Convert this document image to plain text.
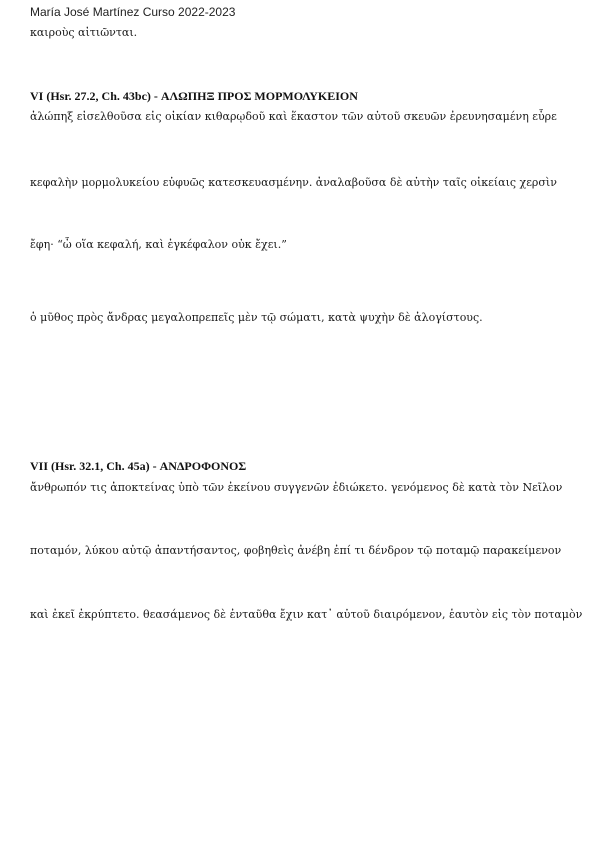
María José Martínez Curso 2022-2023
καιροὺς αἰτιῶνται.
VI (Hsr. 27.2, Ch. 43bc) - ΑΛΩΠΗΞ ΠΡΟΣ ΜΟΡΜΟΛΥΚΕΙΟΝ
ἀλώπηξ εἰσελθοῦσα εἰς οἰκίαν κιθαρῳδοῦ καὶ ἕκαστον τῶν αὐτοῦ σκευῶν ἐρευνησαμένη εὗρε
κεφαλὴν μορμολυκείου εὐφυῶς κατεσκευασμένην. ἀναλαβοῦσα δὲ αὐτὴν ταῖς οἰκείαις χερσὶν
ἔφη· “ὦ οἵα κεφαλή, καὶ ἐγκέφαλον οὐκ ἔχει.”
ὁ μῦθος πρὸς ἄνδρας μεγαλοπρεπεῖς μὲν τῷ σώματι, κατὰ ψυχὴν δὲ ἀλογίστους.
VII (Hsr. 32.1, Ch. 45a) - ΑΝΔΡΟΦΟΝΟΣ
ἄνθρωπόν τις ἀποκτείνας ὑπὸ τῶν ἐκείνου συγγενῶν ἐδιώκετο. γενόμενος δὲ κατὰ τὸν Νεῖλον
ποταμόν, λύκου αὐτῷ ἀπαντήσαντος, φοβηθεὶς ἀνέβη ἐπί τι δένδρον τῷ ποταμῷ παρακείμενον
καὶ ἐκεῖ ἐκρύπτετο. θεασάμενος δὲ ἐνταῦθα ἔχιν κατ᾽ αὐτοῦ διαιρόμενον, ἑαυτὸν εἰς τὸν ποταμὸν
